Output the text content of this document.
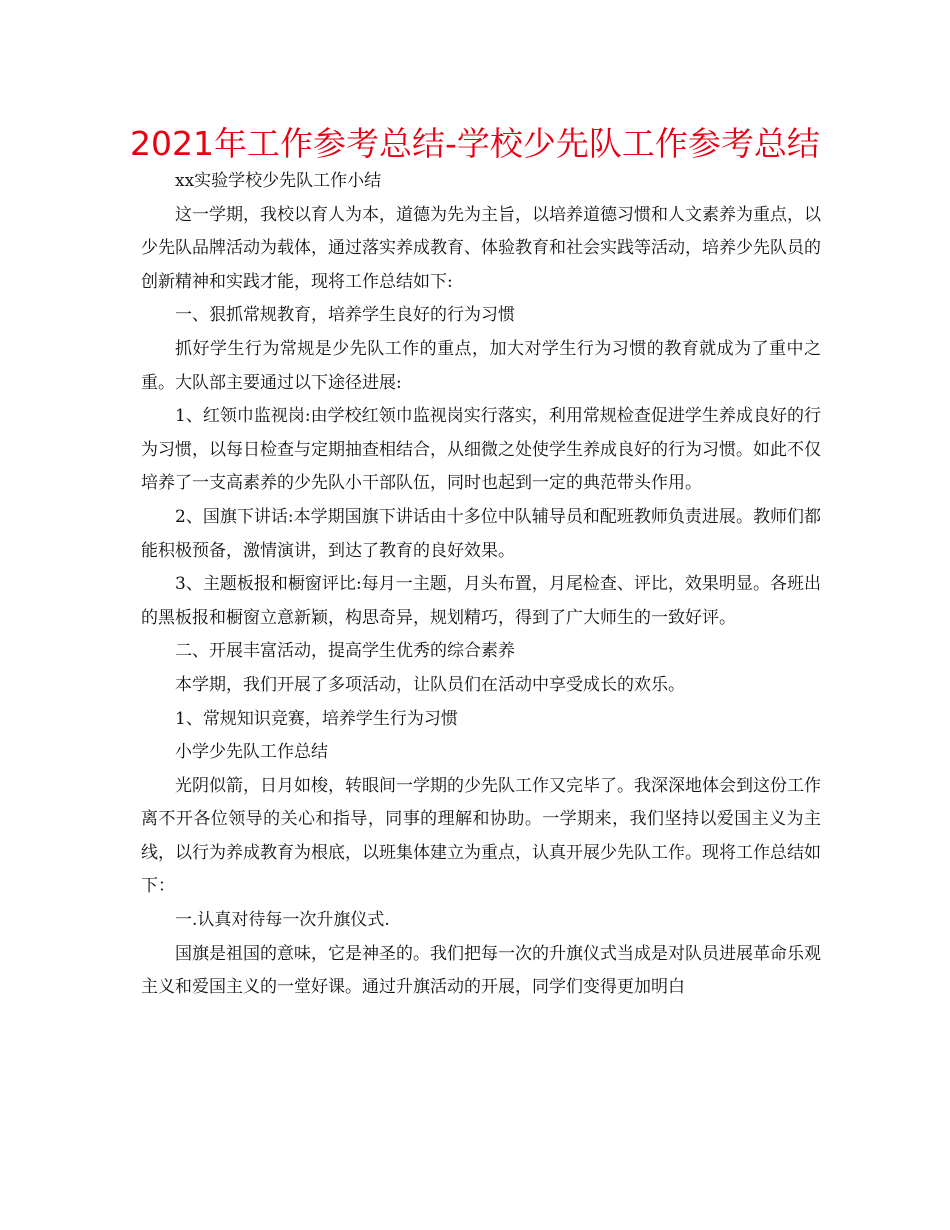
2021年工作参考总结-学校少先队工作参考总结

xx实验学校少先队工作小结

这一学期，我校以育人为本，道德为先为主旨，以培养道德习惯和人文素养为重点，以少先队品牌活动为载体，通过落实养成教育、体验教育和社会实践等活动，培养少先队员的创新精神和实践才能，现将工作总结如下:

一、狠抓常规教育，培养学生良好的行为习惯

抓好学生行为常规是少先队工作的重点，加大对学生行为习惯的教育就成为了重中之重。大队部主要通过以下途径进展:

1、红领巾监视岗:由学校红领巾监视岗实行落实，利用常规检查促进学生养成良好的行为习惯，以每日检查与定期抽查相结合，从细微之处使学生养成良好的行为习惯。如此不仅培养了一支高素养的少先队小干部队伍，同时也起到一定的典范带头作用。

2、国旗下讲话:本学期国旗下讲话由十多位中队辅导员和配班教师负责进展。教师们都能积极预备，激情演讲，到达了教育的良好效果。

3、主题板报和橱窗评比:每月一主题，月头布置，月尾检查、评比，效果明显。各班出的黑板报和橱窗立意新颖，构思奇异，规划精巧，得到了广大师生的一致好评。

二、开展丰富活动，提高学生优秀的综合素养

本学期，我们开展了多项活动，让队员们在活动中享受成长的欢乐。

1、常规知识竞赛，培养学生行为习惯

小学少先队工作总结

光阴似箭，日月如梭，转眼间一学期的少先队工作又完毕了。我深深地体会到这份工作离不开各位领导的关心和指导，同事的理解和协助。一学期来，我们坚持以爱国主义为主线，以行为养成教育为根底，以班集体建立为重点，认真开展少先队工作。现将工作总结如下：

一.认真对待每一次升旗仪式.

国旗是祖国的意味，它是神圣的。我们把每一次的升旗仪式当成是对队员进展革命乐观主义和爱国主义的一堂好课。通过升旗活动的开展，同学们变得更加明白
